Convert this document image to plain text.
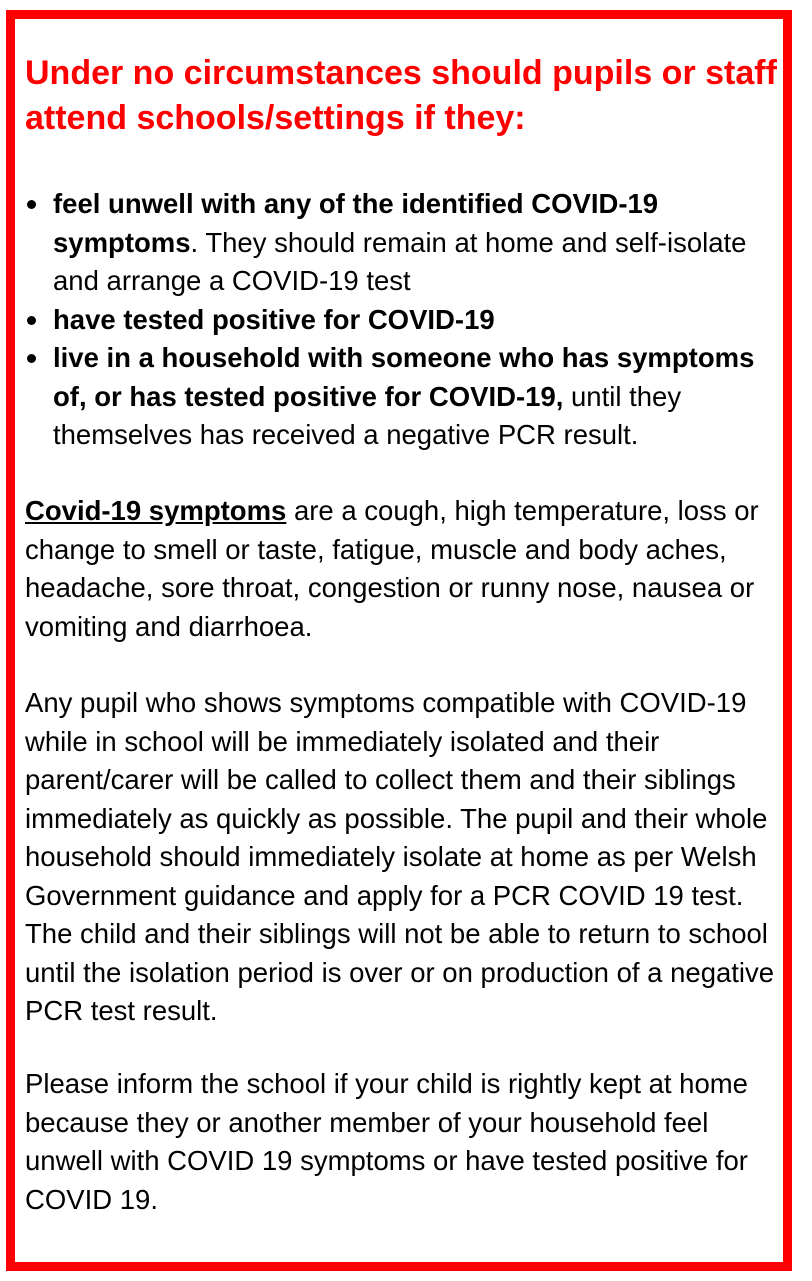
Under no circumstances should pupils or staff attend schools/settings if they:
feel unwell with any of the identified COVID-19 symptoms. They should remain at home and self-isolate and arrange a COVID-19 test
have tested positive for COVID-19
live in a household with someone who has symptoms of, or has tested positive for COVID-19, until they themselves has received a negative PCR result.

Covid-19 symptoms are a cough, high temperature, loss or change to smell or taste, fatigue, muscle and body aches, headache, sore throat, congestion or runny nose, nausea or vomiting and diarrhoea.

Any pupil who shows symptoms compatible with COVID-19 while in school will be immediately isolated and their parent/carer will be called to collect them and their siblings immediately as quickly as possible. The pupil and their whole household should immediately isolate at home as per Welsh Government guidance and apply for a PCR COVID 19 test. The child and their siblings will not be able to return to school until the isolation period is over or on production of a negative PCR test result.

Please inform the school if your child is rightly kept at home because they or another member of your household feel unwell with COVID 19 symptoms or have tested positive for COVID 19.
